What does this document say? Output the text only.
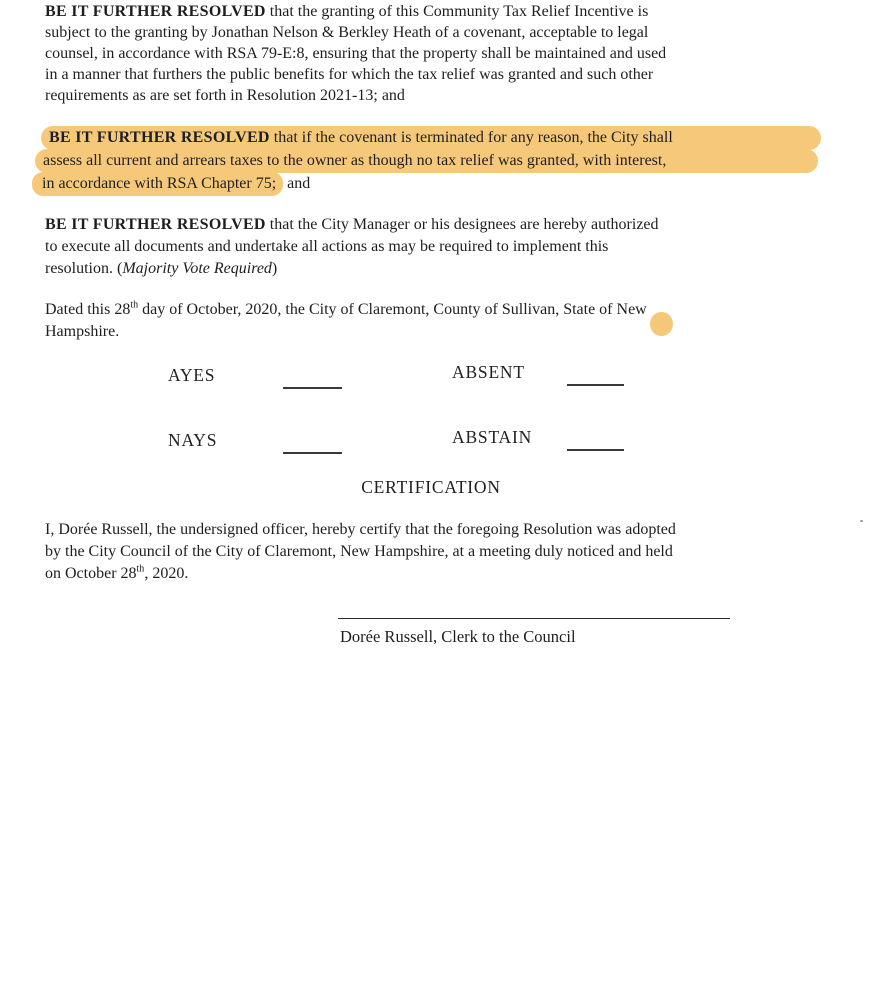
BE IT FURTHER RESOLVED that the granting of this Community Tax Relief Incentive is
subject to the granting by Jonathan Nelson & Berkley Heath of a covenant, acceptable to legal
counsel, in accordance with RSA 79-E:8, ensuring that the property shall be maintained and used
in a manner that furthers the public benefits for which the tax relief was granted and such other
requirements as are set forth in Resolution 2021-13; and
BE IT FURTHER RESOLVED that if the covenant is terminated for any reason, the City shall
assess all current and arrears taxes to the owner as though no tax relief was granted, with interest,
in accordance with RSA Chapter 75; and
BE IT FURTHER RESOLVED that the City Manager or his designees are hereby authorized
to execute all documents and undertake all actions as may be required to implement this
resolution. (Majority Vote Required)
Dated this 28th day of October, 2020, the City of Claremont, County of Sullivan, State of New
Hampshire.
AYES	ABSENT
NAYS	ABSTAIN
CERTIFICATION
I, Dorée Russell, the undersigned officer, hereby certify that the foregoing Resolution was adopted
by the City Council of the City of Claremont, New Hampshire, at a meeting duly noticed and held
on October 28th, 2020.
Dorée Russell, Clerk to the Council
